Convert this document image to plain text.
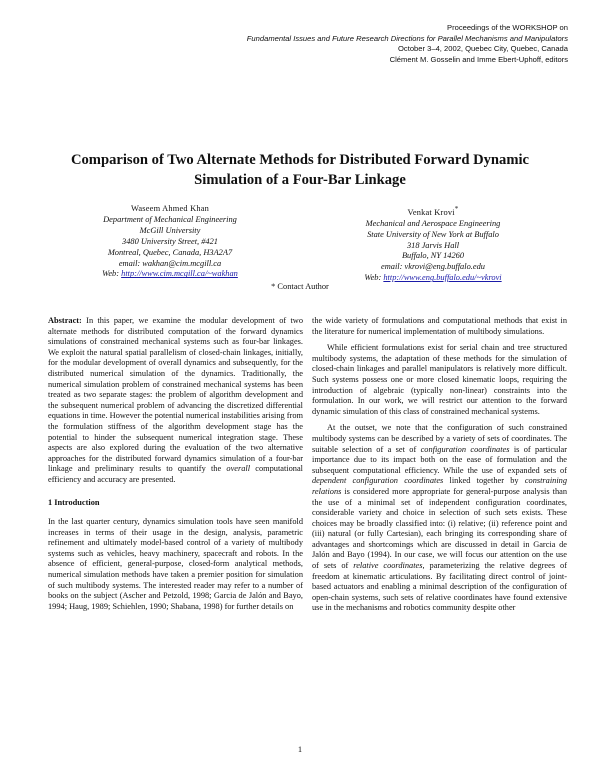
Proceedings of the WORKSHOP on
Fundamental Issues and Future Research Directions for Parallel Mechanisms and Manipulators
October 3–4, 2002, Quebec City, Quebec, Canada
Clément M. Gosselin and Imme Ebert-Uphoff, editors
Comparison of Two Alternate Methods for Distributed Forward Dynamic Simulation of a Four-Bar Linkage
Waseem Ahmed Khan
Department of Mechanical Engineering
McGill University
3480 University Street, #421
Montreal, Quebec, Canada, H3A2A7
email: wakhan@cim.mcgill.ca
Web: http://www.cim.mcgill.ca/~wakhan
Venkat Krovi*
Mechanical and Aerospace Engineering
State University of New York at Buffalo
318 Jarvis Hall
Buffalo, NY 14260
email: vkrovi@eng.buffalo.edu
Web: http://www.eng.buffalo.edu/~vkrovi
* Contact Author

Abstract: In this paper, we examine the modular development of two alternate methods for distributed computation of the forward dynamics simulations of constrained mechanical systems such as four-bar linkages. We exploit the natural spatial parallelism of closed-chain linkages, initially, for the modular development of overall dynamics and subsequently, for the distributed numerical simulation of the dynamics. Traditionally, the numerical simulation problem of constrained mechanical systems has been treated as two separate stages: the problem of algorithm development and the subsequent numerical problem of advancing the discretized differential equations in time. However the potential numerical instabilities arising from the formulation stiffness of the algorithm development stage has the potential to hinder the subsequent numerical integration stage. These aspects are also explored during the evaluation of the two alternative approaches for the distributed forward dynamics simulation of a four-bar linkage and preliminary results to quantify the overall computational efficiency and accuracy are presented.

1 Introduction

In the last quarter century, dynamics simulation tools have seen manifold increases in terms of their usage in the design, analysis, parametric refinement and ultimately model-based control of a variety of multibody systems such as vehicles, heavy machinery, spacecraft and robots. In the absence of efficient, general-purpose, closed-form analytical methods, numerical simulation methods have taken a premier position for simulation of such multibody systems. The interested reader may refer to a number of books on the subject (Ascher and Petzold, 1998; Garcia de Jalón and Bayo, 1994; Haug, 1989; Schiehlen, 1990; Shabana, 1998) for further details on

the wide variety of formulations and computational methods that exist in the literature for numerical implementation of multibody simulations.

While efficient formulations exist for serial chain and tree structured multibody systems, the adaptation of these methods for the simulation of closed-chain linkages and parallel manipulators is relatively more difficult. Such systems possess one or more closed kinematic loops, requiring the introduction of algebraic (typically non-linear) constraints into the formulation. In our work, we will restrict our attention to the forward dynamic simulation of this class of constrained mechanical systems.

At the outset, we note that the configuration of such constrained multibody systems can be described by a variety of sets of coordinates. The suitable selection of a set of configuration coordinates is of particular importance due to its impact both on the ease of formulation and the subsequent computational efficiency. While the use of expanded sets of dependent configuration coordinates linked together by constraining relations is considered more appropriate for general-purpose analysis than the use of a minimal set of independent configuration coordinates, considerable variety and choice in selection of such sets exists. These choices may be broadly classified into: (i) relative; (ii) reference point and (iii) natural (or fully Cartesian), each bringing its corresponding share of advantages and shortcomings which are discussed in detail in Garcia de Jalón and Bayo (1994). In our case, we will focus our attention on the use of sets of relative coordinates, parameterizing the relative degrees of freedom at kinematic articulations. By facilitating direct control of joint-based actuators and enabling a minimal description of the configuration of open-chain systems, such sets of relative coordinates have found extensive use in the mechanisms and robotics community despite other

1
